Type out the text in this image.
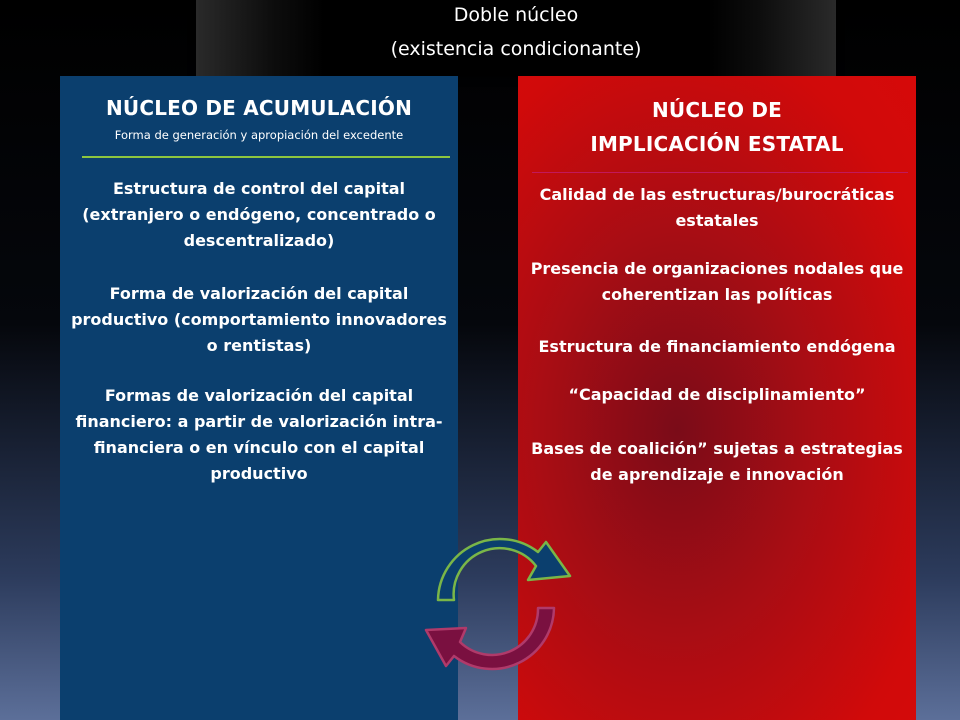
Doble núcleo
(existencia condicionante)
NÚCLEO DE ACUMULACIÓN
Forma de generación y apropiación del excedente
Estructura de control del capital (extranjero o endógeno, concentrado o descentralizado)
Forma de valorización del capital productivo (comportamiento innovadores o rentistas)
Formas de valorización del capital financiero: a partir de valorización intra-financiera o en vínculo con el capital productivo
NÚCLEO DE
IMPLICACIÓN ESTATAL
Calidad de las estructuras/burocráticas estatales
Presencia de organizaciones nodales que coherentizan las políticas
Estructura de financiamiento endógena
“Capacidad de disciplinamiento”
Bases de coalición” sujetas a estrategias de aprendizaje e innovación
